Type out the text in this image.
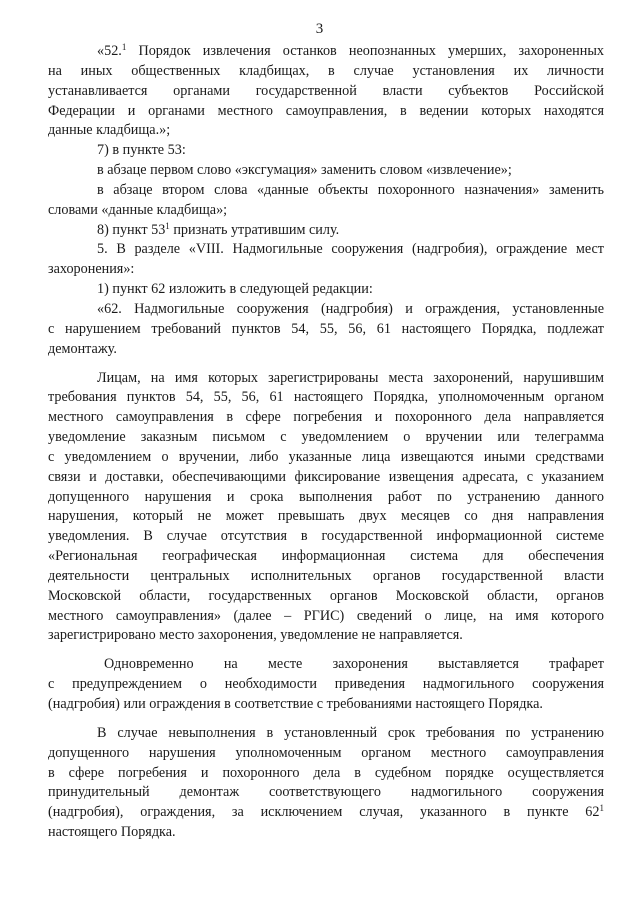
3

«52.$^1$ Порядок извлечения останков неопознанных умерших, захороненных

на иных общественных кладбищах, в случае установления их личности

устанавливается органами государственной власти субъектов Российской

Федерации и органами местного самоуправления, в ведении которых находятся

данные кладбища.»;

7) в пункте 53:

в абзаце первом слово «эксгумация» заменить словом «извлечение»;

в абзаце втором слова «данные объекты похоронного назначения» заменить

словами «данные кладбища»;

8) пункт $53^1$ признать утратившим силу.

5. В разделе «VIII. Надмогильные сооружения (надгробия), ограждение мест

захоронения»:

1) пункт 62 изложить в следующей редакции:

«62. Надмогильные сооружения (надгробия) и ограждения, установленные

с нарушением требований пунктов 54, 55, 56, 61 настоящего Порядка, подлежат

демонтажу.

Лицам, на имя которых зарегистрированы места захоронений, нарушившим

требования пунктов 54, 55, 56, 61 настоящего Порядка, уполномоченным органом

местного самоуправления в сфере погребения и похоронного дела направляется

уведомление заказным письмом с уведомлением о вручении или телеграмма

с уведомлением о вручении, либо указанные лица извещаются иными средствами

связи и доставки, обеспечивающими фиксирование извещения адресата, с указанием

допущенного нарушения и срока выполнения работ по устранению данного

нарушения, который не может превышать двух месяцев со дня направления

уведомления. В случае отсутствия в государственной информационной системе

«Региональная географическая информационная система для обеспечения

деятельности центральных исполнительных органов государственной власти

Московской области, государственных органов Московской области, органов

местного самоуправления» (далее – РГИС) сведений о лице, на имя которого

зарегистрировано место захоронения, уведомление не направляется.

Одновременно на месте захоронения выставляется трафарет

с предупреждением о необходимости приведения надмогильного сооружения

(надгробия) или ограждения в соответствие с требованиями настоящего Порядка.

В случае невыполнения в установленный срок требования по устранению

допущенного нарушения уполномоченным органом местного самоуправления

в сфере погребения и похоронного дела в судебном порядке осуществляется

принудительный демонтаж соответствующего надмогильного сооружения

(надгробия), ограждения, за исключением случая, указанного в пункте $62^1$

настоящего Порядка.
